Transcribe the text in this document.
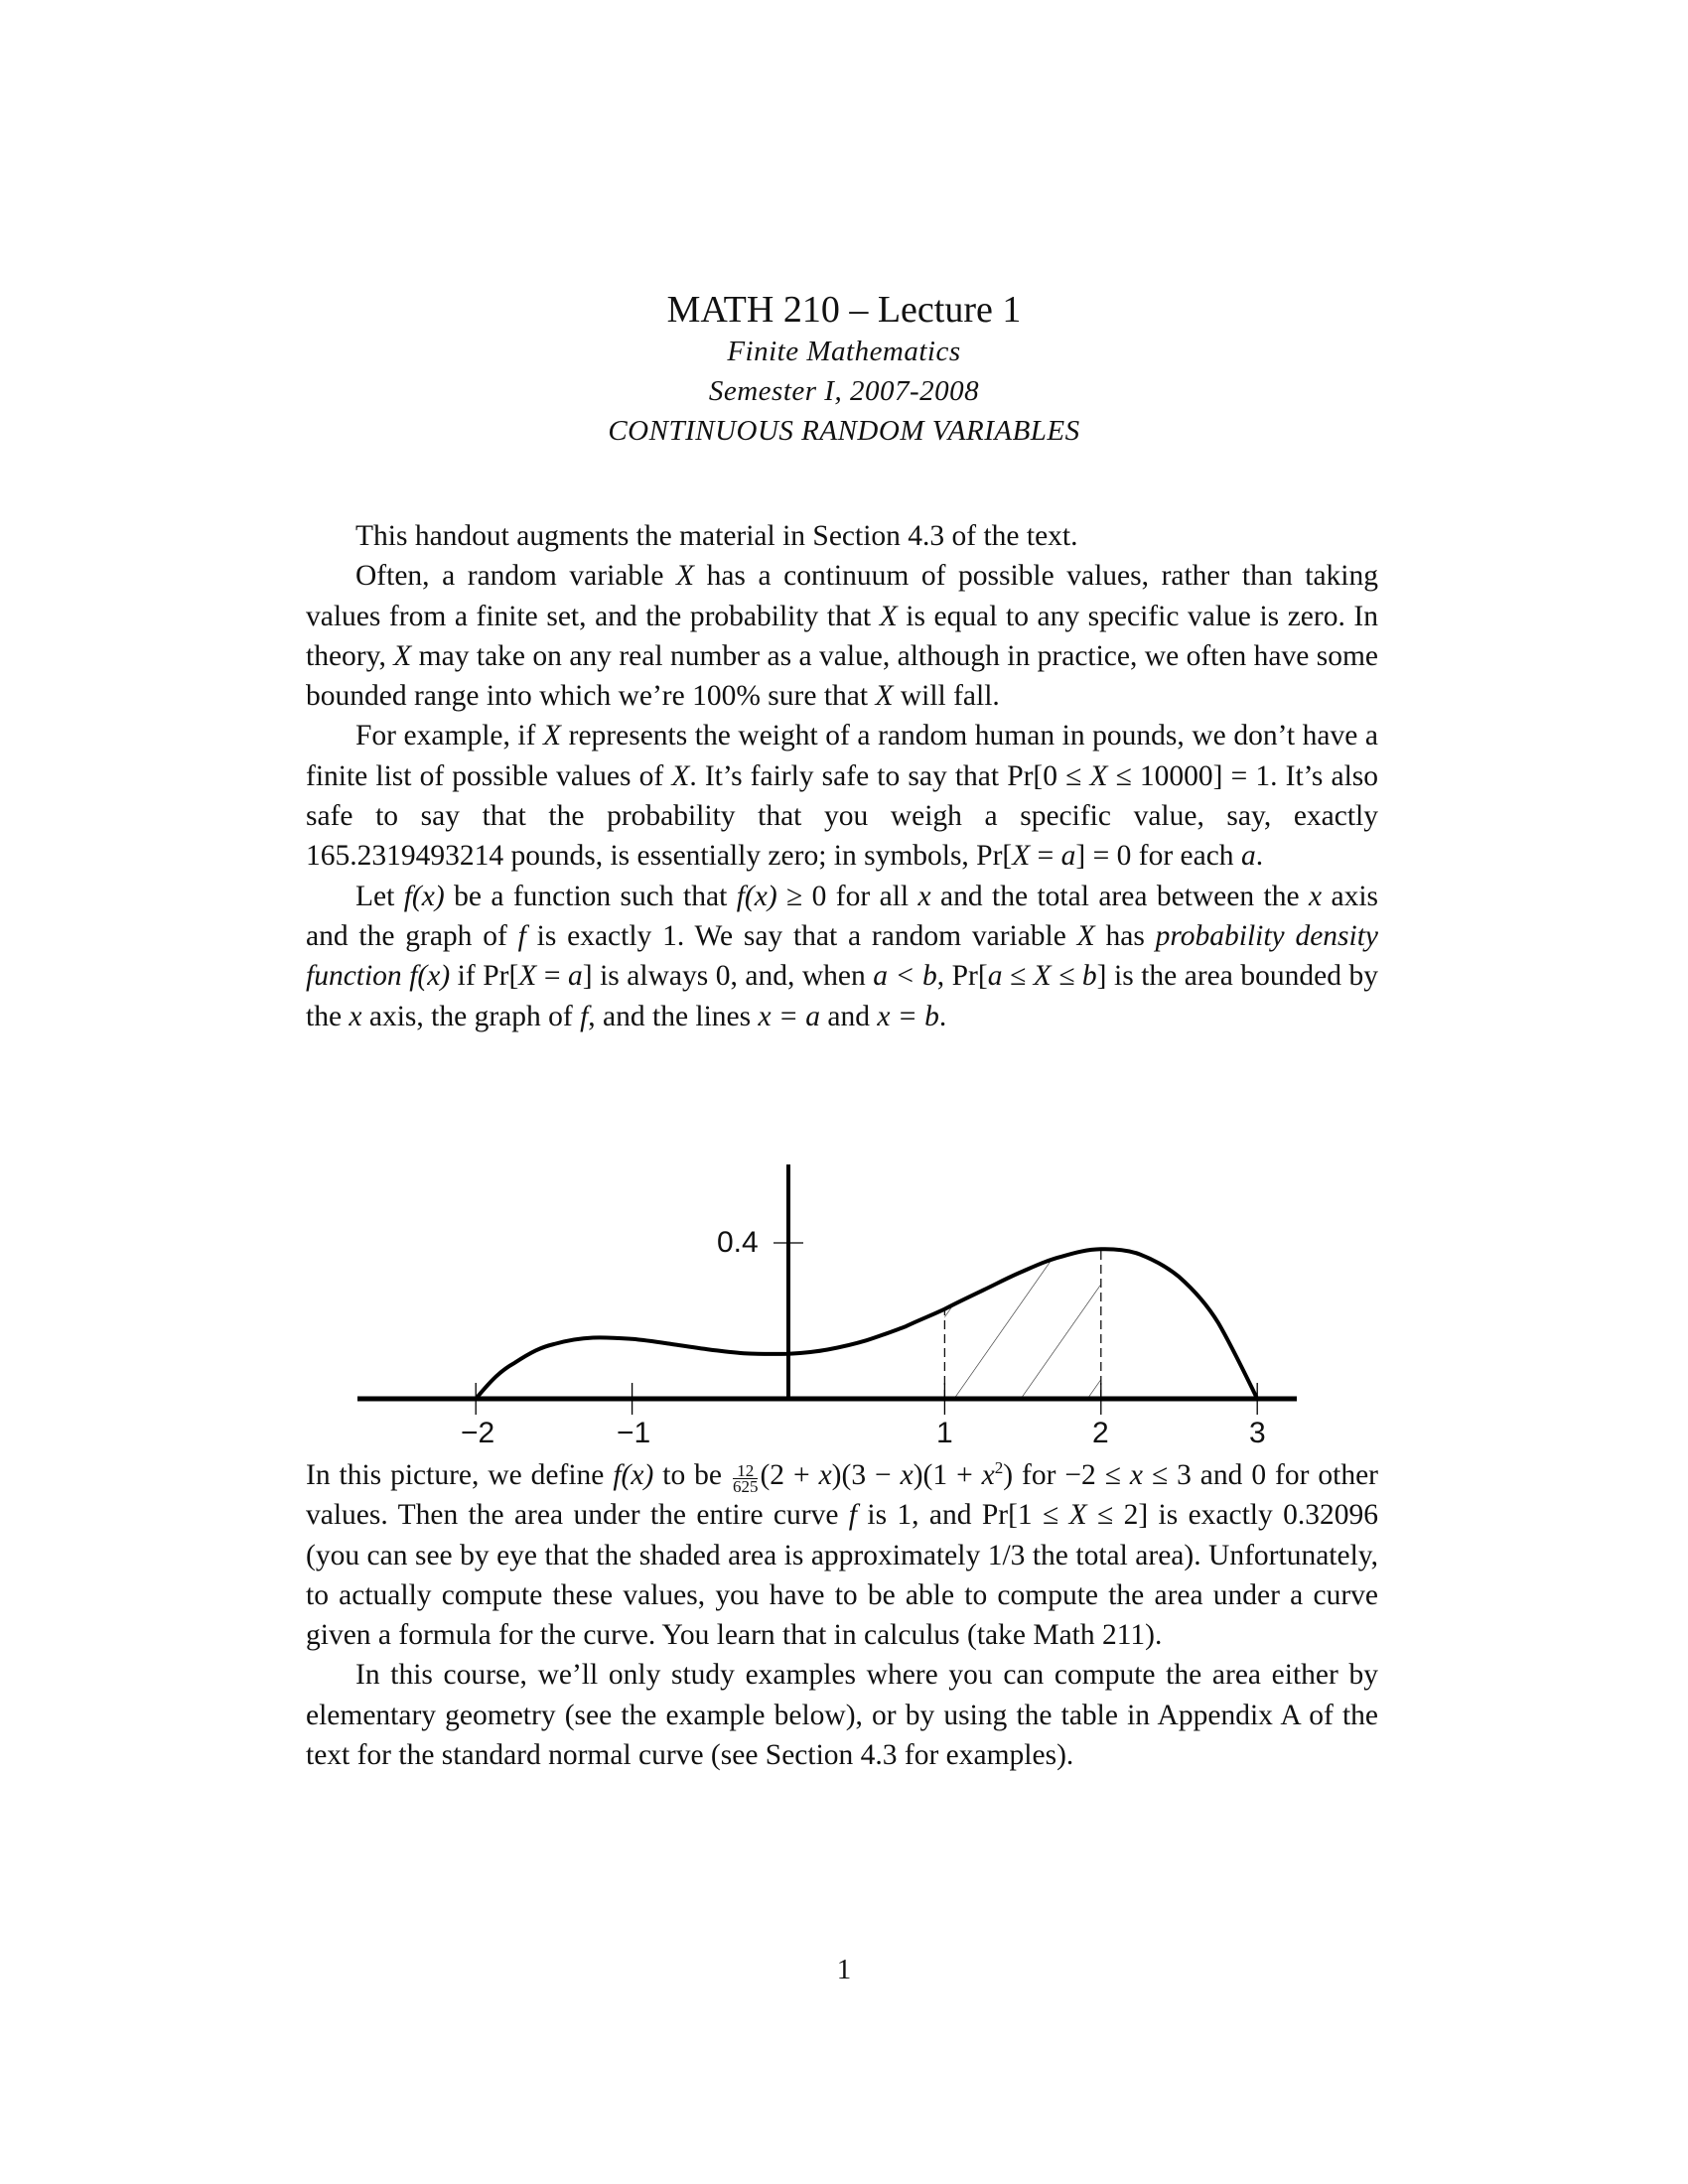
MATH 210 – Lecture 1
Finite Mathematics
Semester I, 2007-2008
CONTINUOUS RANDOM VARIABLES

This handout augments the material in Section 4.3 of the text.

Often, a random variable X has a continuum of possible values, rather than taking values from a finite set, and the probability that X is equal to any specific value is zero. In theory, X may take on any real number as a value, although in practice, we often have some bounded range into which we’re 100% sure that X will fall.

For example, if X represents the weight of a random human in pounds, we don’t have a finite list of possible values of X. It’s fairly safe to say that Pr[0 ≤ X ≤ 10000] = 1. It’s also safe to say that the probability that you weigh a specific value, say, exactly 165.2319493214 pounds, is essentially zero; in symbols, Pr[X = a] = 0 for each a.

Let f(x) be a function such that f(x) ≥ 0 for all x and the total area between the x axis and the graph of f is exactly 1. We say that a random variable X has probability density function f(x) if Pr[X = a] is always 0, and, when a < b, Pr[a ≤ X ≤ b] is the area bounded by the x axis, the graph of f, and the lines x = a and x = b.

0.4
−2	−1	1	2	3

In this picture, we define f(x) to be $\frac{12}{625} (2 + x)(3 - x)(1 + x^2)$ for −2 ≤ x ≤ 3 and 0 for other values. Then the area under the entire curve f is 1, and Pr[1 ≤ X ≤ 2] is exactly 0.32096 (you can see by eye that the shaded area is approximately 1/3 the total area). Unfortunately, to actually compute these values, you have to be able to compute the area under a curve given a formula for the curve. You learn that in calculus (take Math 211).

In this course, we’ll only study examples where you can compute the area either by elementary geometry (see the example below), or by using the table in Appendix A of the text for the standard normal curve (see Section 4.3 for examples).

1
